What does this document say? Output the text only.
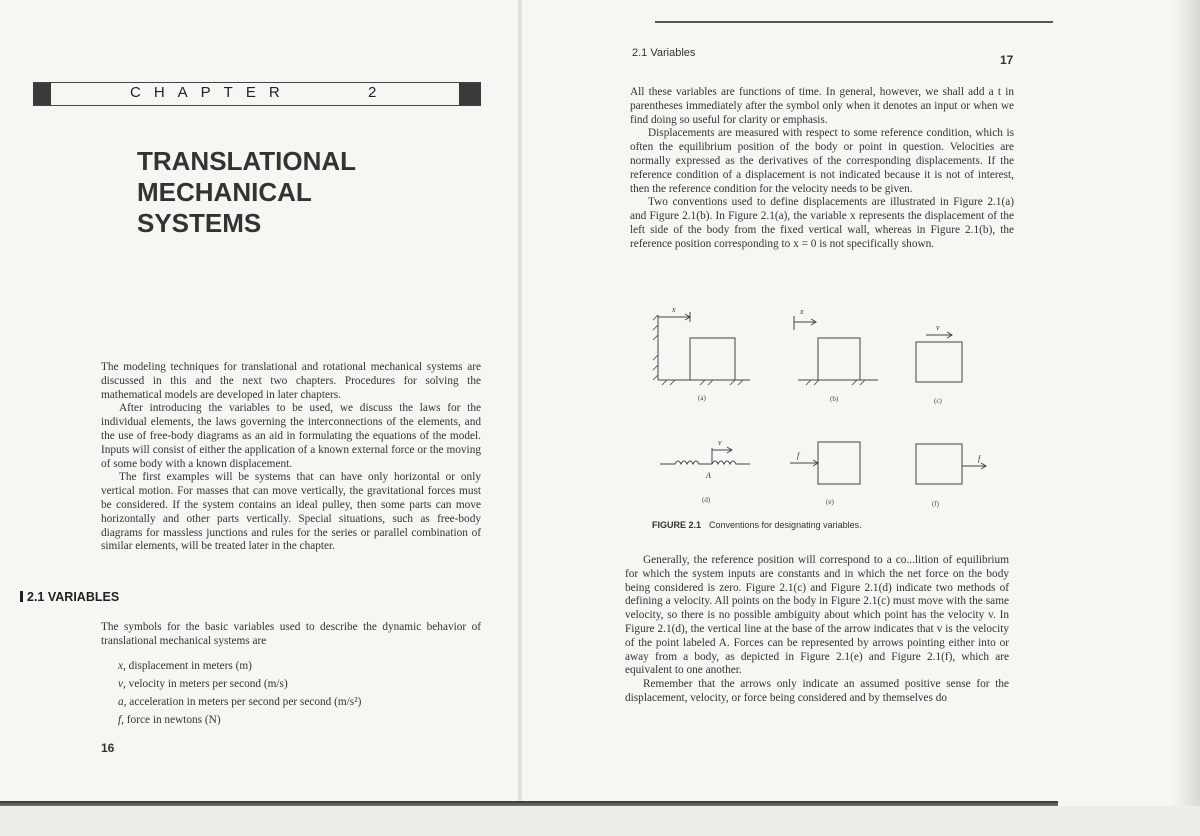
CHAPTER	2
TRANSLATIONAL
MECHANICAL
SYSTEMS

The modeling techniques for translational and rotational mechanical systems are discussed in this and the next two chapters. Procedures for solving the mathematical models are developed in later chapters.

After introducing the variables to be used, we discuss the laws for the individual elements, the laws governing the interconnections of the elements, and the use of free-body diagrams as an aid in formulating the equations of the model. Inputs will consist of either the application of a known external force or the moving of some body with a known displacement.

The first examples will be systems that can have only horizontal or only vertical motion. For masses that can move vertically, the gravitational forces must be considered. If the system contains an ideal pulley, then some parts can move horizontally and other parts vertically. Special situations, such as free-body diagrams for massless junctions and rules for the series or parallel combination of similar elements, will be treated later in the chapter.

2.1 VARIABLES

The symbols for the basic variables used to describe the dynamic behavior of translational mechanical systems are

x, displacement in meters (m)
v, velocity in meters per second (m/s)
a, acceleration in meters per second per second (m/s²)
f, force in newtons (N)
16
2.1 Variables	17

All these variables are functions of time. In general, however, we shall add a t in parentheses immediately after the symbol only when it denotes an input or when we find doing so useful for clarity or emphasis.

Displacements are measured with respect to some reference condition, which is often the equilibrium position of the body or point in question. Velocities are normally expressed as the derivatives of the corresponding displacements. If the reference condition of a displacement is not indicated because it is not of interest, then the reference condition for the velocity needs to be given.

Two conventions used to define displacements are illustrated in Figure 2.1(a) and Figure 2.1(b). In Figure 2.1(a), the variable x represents the displacement of the left side of the body from the fixed vertical wall, whereas in Figure 2.1(b), the reference position corresponding to x = 0 is not specifically shown.

x	x
v
v
A
f	f
(a)	(b)	(c)
(d)	(e)	(f)
FIGURE 2.1 Conventions for designating variables.

Generally, the reference position will correspond to a co...lition of equilibrium for which the system inputs are constants and in which the net force on the body being considered is zero. Figure 2.1(c) and Figure 2.1(d) indicate two methods of defining a velocity. All points on the body in Figure 2.1(c) must move with the same velocity, so there is no possible ambiguity about which point has the velocity v. In Figure 2.1(d), the vertical line at the base of the arrow indicates that v is the velocity of the point labeled A. Forces can be represented by arrows pointing either into or away from a body, as depicted in Figure 2.1(e) and Figure 2.1(f), which are equivalent to one another.

Remember that the arrows only indicate an assumed positive sense for the displacement, velocity, or force being considered and by themselves do
